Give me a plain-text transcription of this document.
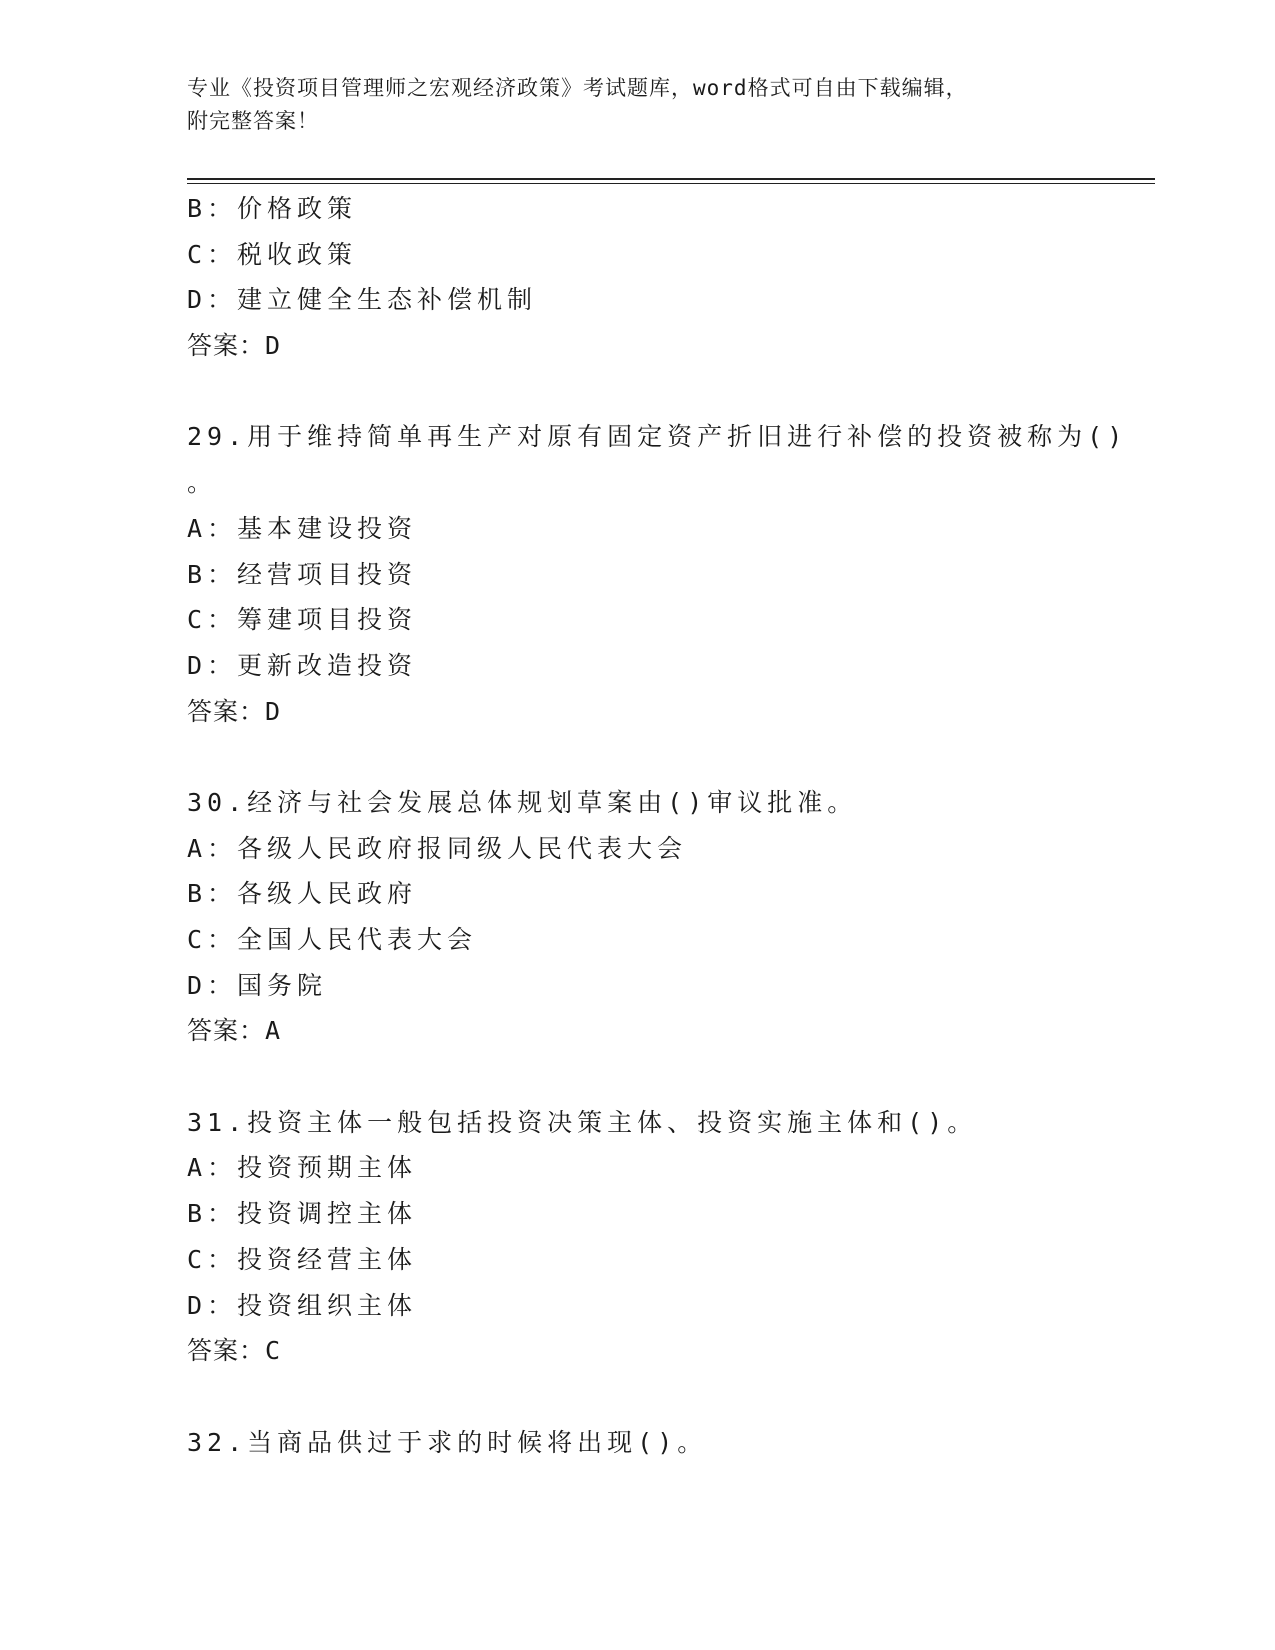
专业《投资项目管理师之宏观经济政策》考试题库，word格式可自由下载编辑，
附完整答案！
B：价格政策
C：税收政策
D：建立健全生态补偿机制
答案：D
29.用于维持简单再生产对原有固定资产折旧进行补偿的投资被称为()
。
A：基本建设投资
B：经营项目投资
C：筹建项目投资
D：更新改造投资
答案：D
30.经济与社会发展总体规划草案由()审议批准。
A：各级人民政府报同级人民代表大会
B：各级人民政府
C：全国人民代表大会
D：国务院
答案：A
31.投资主体一般包括投资决策主体、投资实施主体和()。
A：投资预期主体
B：投资调控主体
C：投资经营主体
D：投资组织主体
答案：C
32.当商品供过于求的时候将出现()。
